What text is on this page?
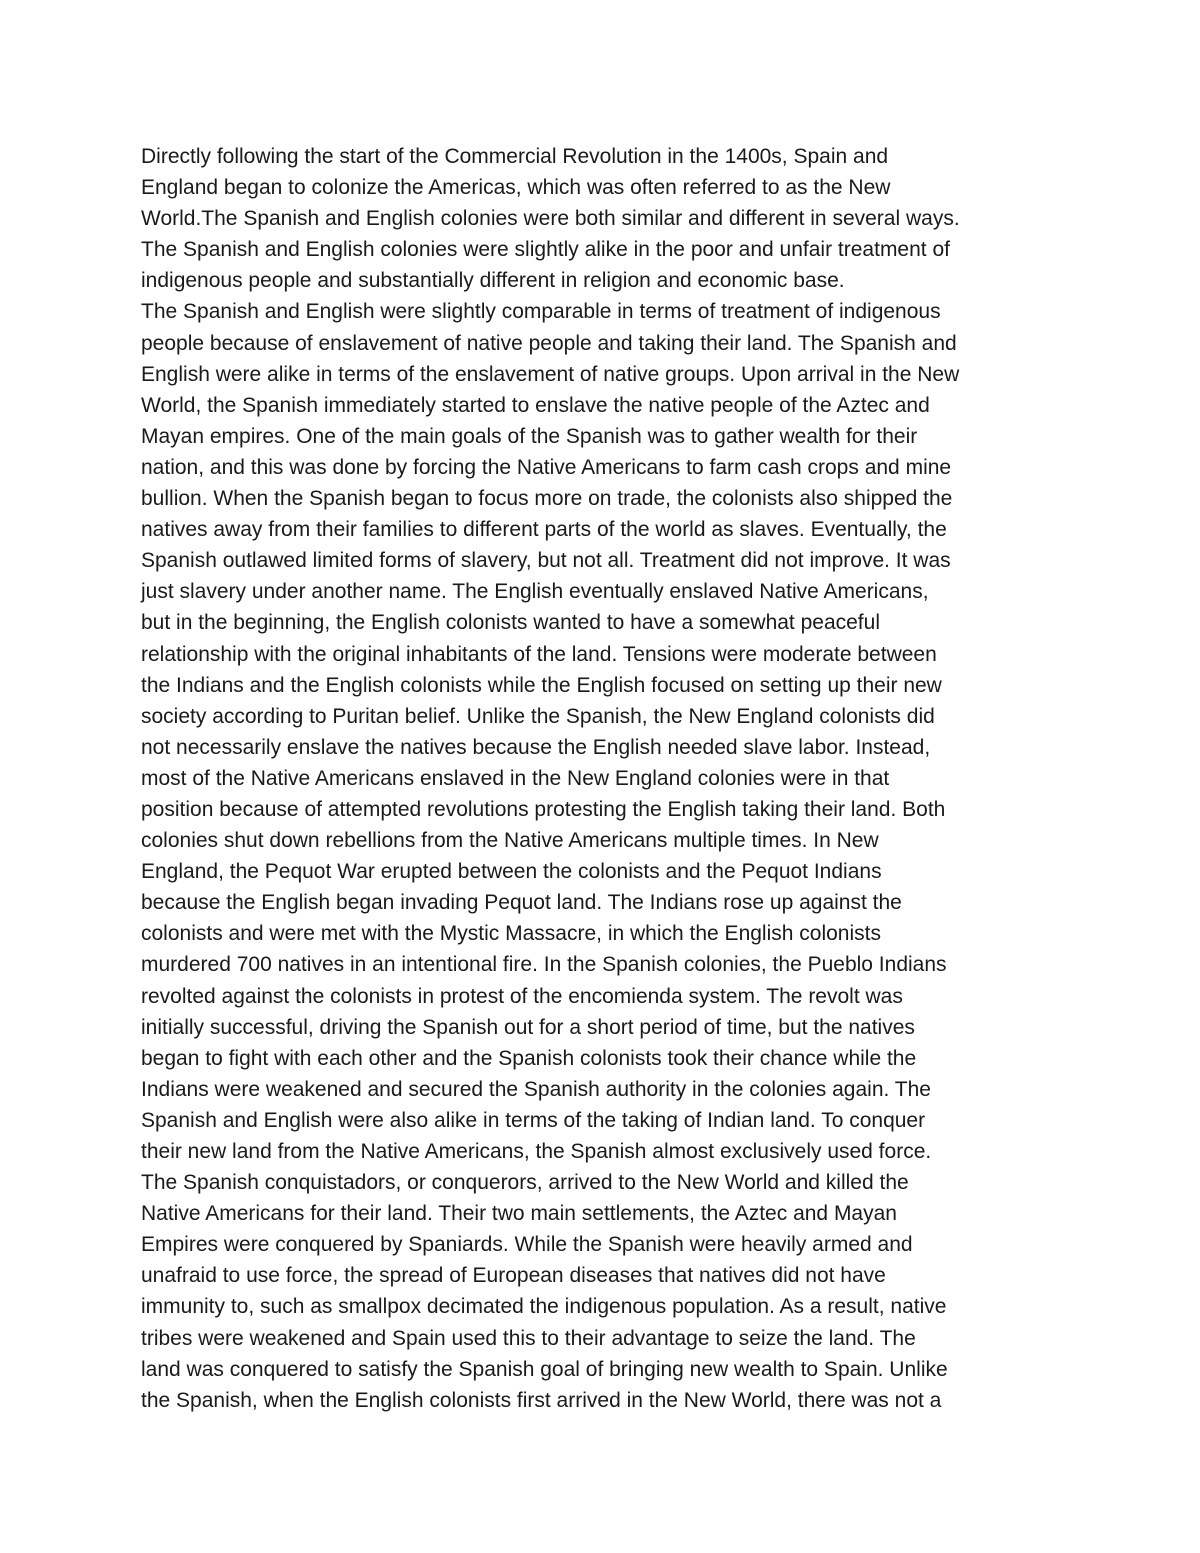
Directly following the start of the Commercial Revolution in the 1400s, Spain and
England began to colonize the Americas, which was often referred to as the New
World.The Spanish and English colonies were both similar and different in several ways.
The Spanish and English colonies were slightly alike in the poor and unfair treatment of
indigenous people and substantially different in religion and economic base.
The Spanish and English were slightly comparable in terms of treatment of indigenous
people because of enslavement of native people and taking their land. The Spanish and
English were alike in terms of the enslavement of native groups. Upon arrival in the New
World, the Spanish immediately started to enslave the native people of the Aztec and
Mayan empires. One of the main goals of the Spanish was to gather wealth for their
nation, and this was done by forcing the Native Americans to farm cash crops and mine
bullion. When the Spanish began to focus more on trade, the colonists also shipped the
natives away from their families to different parts of the world as slaves. Eventually, the
Spanish outlawed limited forms of slavery, but not all. Treatment did not improve. It was
just slavery under another name. The English eventually enslaved Native Americans,
but in the beginning, the English colonists wanted to have a somewhat peaceful
relationship with the original inhabitants of the land. Tensions were moderate between
the Indians and the English colonists while the English focused on setting up their new
society according to Puritan belief. Unlike the Spanish, the New England colonists did
not necessarily enslave the natives because the English needed slave labor. Instead,
most of the Native Americans enslaved in the New England colonies were in that
position because of attempted revolutions protesting the English taking their land. Both
colonies shut down rebellions from the Native Americans multiple times. In New
England, the Pequot War erupted between the colonists and the Pequot Indians
because the English began invading Pequot land. The Indians rose up against the
colonists and were met with the Mystic Massacre, in which the English colonists
murdered 700 natives in an intentional fire. In the Spanish colonies, the Pueblo Indians
revolted against the colonists in protest of the encomienda system. The revolt was
initially successful, driving the Spanish out for a short period of time, but the natives
began to fight with each other and the Spanish colonists took their chance while the
Indians were weakened and secured the Spanish authority in the colonies again. The
Spanish and English were also alike in terms of the taking of Indian land. To conquer
their new land from the Native Americans, the Spanish almost exclusively used force.
The Spanish conquistadors, or conquerors, arrived to the New World and killed the
Native Americans for their land. Their two main settlements, the Aztec and Mayan
Empires were conquered by Spaniards. While the Spanish were heavily armed and
unafraid to use force, the spread of European diseases that natives did not have
immunity to, such as smallpox decimated the indigenous population. As a result, native
tribes were weakened and Spain used this to their advantage to seize the land. The
land was conquered to satisfy the Spanish goal of bringing new wealth to Spain. Unlike
the Spanish, when the English colonists first arrived in the New World, there was not a
